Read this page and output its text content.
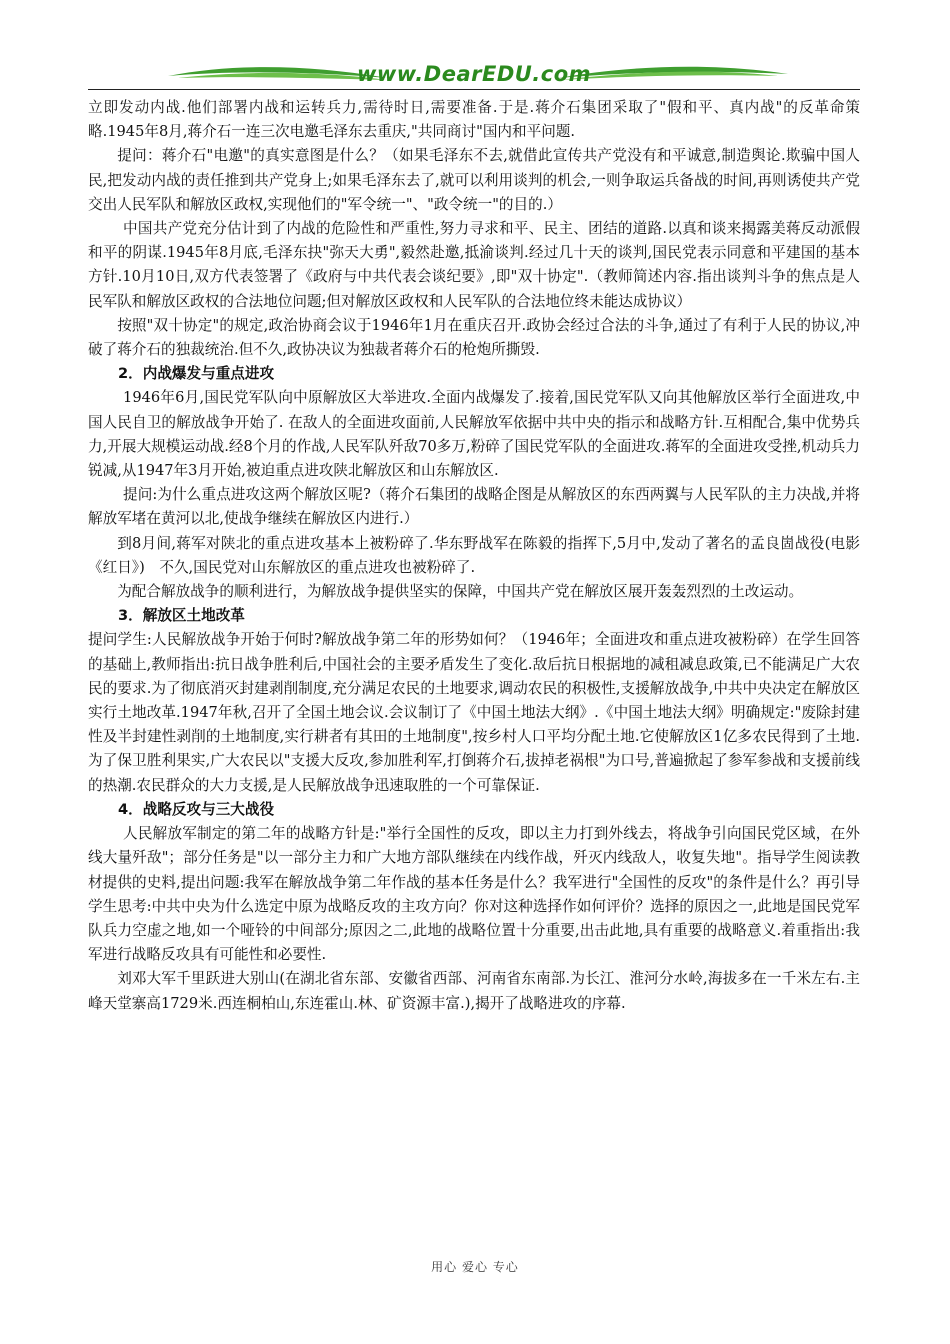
www.DearEDU.com

立即发动内战.他们部署内战和运转兵力,需待时日,需要准备.于是.蒋介石集团采取了"假和平、真内战"的反革命策略.1945年8月,蒋介石一连三次电邀毛泽东去重庆,"共同商讨"国内和平问题.

提问：蒋介石"电邀"的真实意图是什么？（如果毛泽东不去,就借此宣传共产党没有和平诚意,制造舆论.欺骗中国人民,把发动内战的责任推到共产党身上;如果毛泽东去了,就可以利用谈判的机会,一则争取运兵备战的时间,再则诱使共产党交出人民军队和解放区政权,实现他们的"军令统一"、"政令统一"的目的.）

中国共产党充分估计到了内战的危险性和严重性,努力寻求和平、民主、团结的道路.以真和谈来揭露美蒋反动派假和平的阴谋.1945年8月底,毛泽东抉"弥天大勇",毅然赴邀,抵渝谈判.经过几十天的谈判,国民党表示同意和平建国的基本方针.10月10日,双方代表签署了《政府与中共代表会谈纪要》,即"双十协定".（教师简述内容.指出谈判斗争的焦点是人民军队和解放区政权的合法地位问题;但对解放区政权和人民军队的合法地位终未能达成协议）

按照"双十协定"的规定,政治协商会议于1946年1月在重庆召开.政协会经过合法的斗争,通过了有利于人民的协议,冲破了蒋介石的独裁统治.但不久,政协决议为独裁者蒋介石的枪炮所撕毁.

2．内战爆发与重点进攻

1946年6月,国民党军队向中原解放区大举进攻.全面内战爆发了.接着,国民党军队又向其他解放区举行全面进攻,中国人民自卫的解放战争开始了. 在敌人的全面进攻面前,人民解放军依据中共中央的指示和战略方针.互相配合,集中优势兵力,开展大规模运动战.经8个月的作战,人民军队歼敌70多万,粉碎了国民党军队的全面进攻.蒋军的全面进攻受挫,机动兵力锐减,从1947年3月开始,被迫重点进攻陕北解放区和山东解放区.

提问:为什么重点进攻这两个解放区呢?（蒋介石集团的战略企图是从解放区的东西两翼与人民军队的主力决战,并将解放军堵在黄河以北,使战争继续在解放区内进行.）

到8月间,蒋军对陕北的重点进攻基本上被粉碎了.华东野战军在陈毅的指挥下,5月中,发动了著名的孟良崮战役(电影《红日》)　不久,国民党对山东解放区的重点进攻也被粉碎了.

为配合解放战争的顺利进行，为解放战争提供坚实的保障，中国共产党在解放区展开轰轰烈烈的土改运动。

3．解放区土地改革

提问学生:人民解放战争开始于何时?解放战争第二年的形势如何？（1946年；全面进攻和重点进攻被粉碎）在学生回答的基础上,教师指出:抗日战争胜利后,中国社会的主要矛盾发生了变化.敌后抗日根据地的减租减息政策,已不能满足广大农民的要求.为了彻底消灭封建剥削制度,充分满足农民的土地要求,调动农民的积极性,支援解放战争,中共中央决定在解放区实行土地改革.1947年秋,召开了全国土地会议.会议制订了《中国土地法大纲》.《中国土地法大纲》明确规定:"废除封建性及半封建性剥削的土地制度,实行耕者有其田的土地制度",按乡村人口平均分配土地.它使解放区1亿多农民得到了土地.为了保卫胜利果实,广大农民以"支援大反攻,参加胜利军,打倒蒋介石,拔掉老祸根"为口号,普遍掀起了参军参战和支援前线的热潮.农民群众的大力支援,是人民解放战争迅速取胜的一个可靠保证.

4．战略反攻与三大战役

人民解放军制定的第二年的战略方针是:"举行全国性的反攻，即以主力打到外线去，将战争引向国民党区域，在外线大量歼敌"；部分任务是"以一部分主力和广大地方部队继续在内线作战，歼灭内线敌人，收复失地"。指导学生阅读教材提供的史料,提出问题:我军在解放战争第二年作战的基本任务是什么？我军进行"全国性的反攻"的条件是什么？再引导学生思考:中共中央为什么选定中原为战略反攻的主攻方向？你对这种选择作如何评价？选择的原因之一,此地是国民党军队兵力空虚之地,如一个哑铃的中间部分;原因之二,此地的战略位置十分重要,出击此地,具有重要的战略意义.着重指出:我军进行战略反攻具有可能性和必要性.

刘邓大军千里跃进大别山(在湖北省东部、安徽省西部、河南省东南部.为长江、淮河分水岭,海拔多在一千米左右.主峰天堂寨高1729米.西连桐柏山,东连霍山.林、矿资源丰富.),揭开了战略进攻的序幕.

用心 爱心 专心
